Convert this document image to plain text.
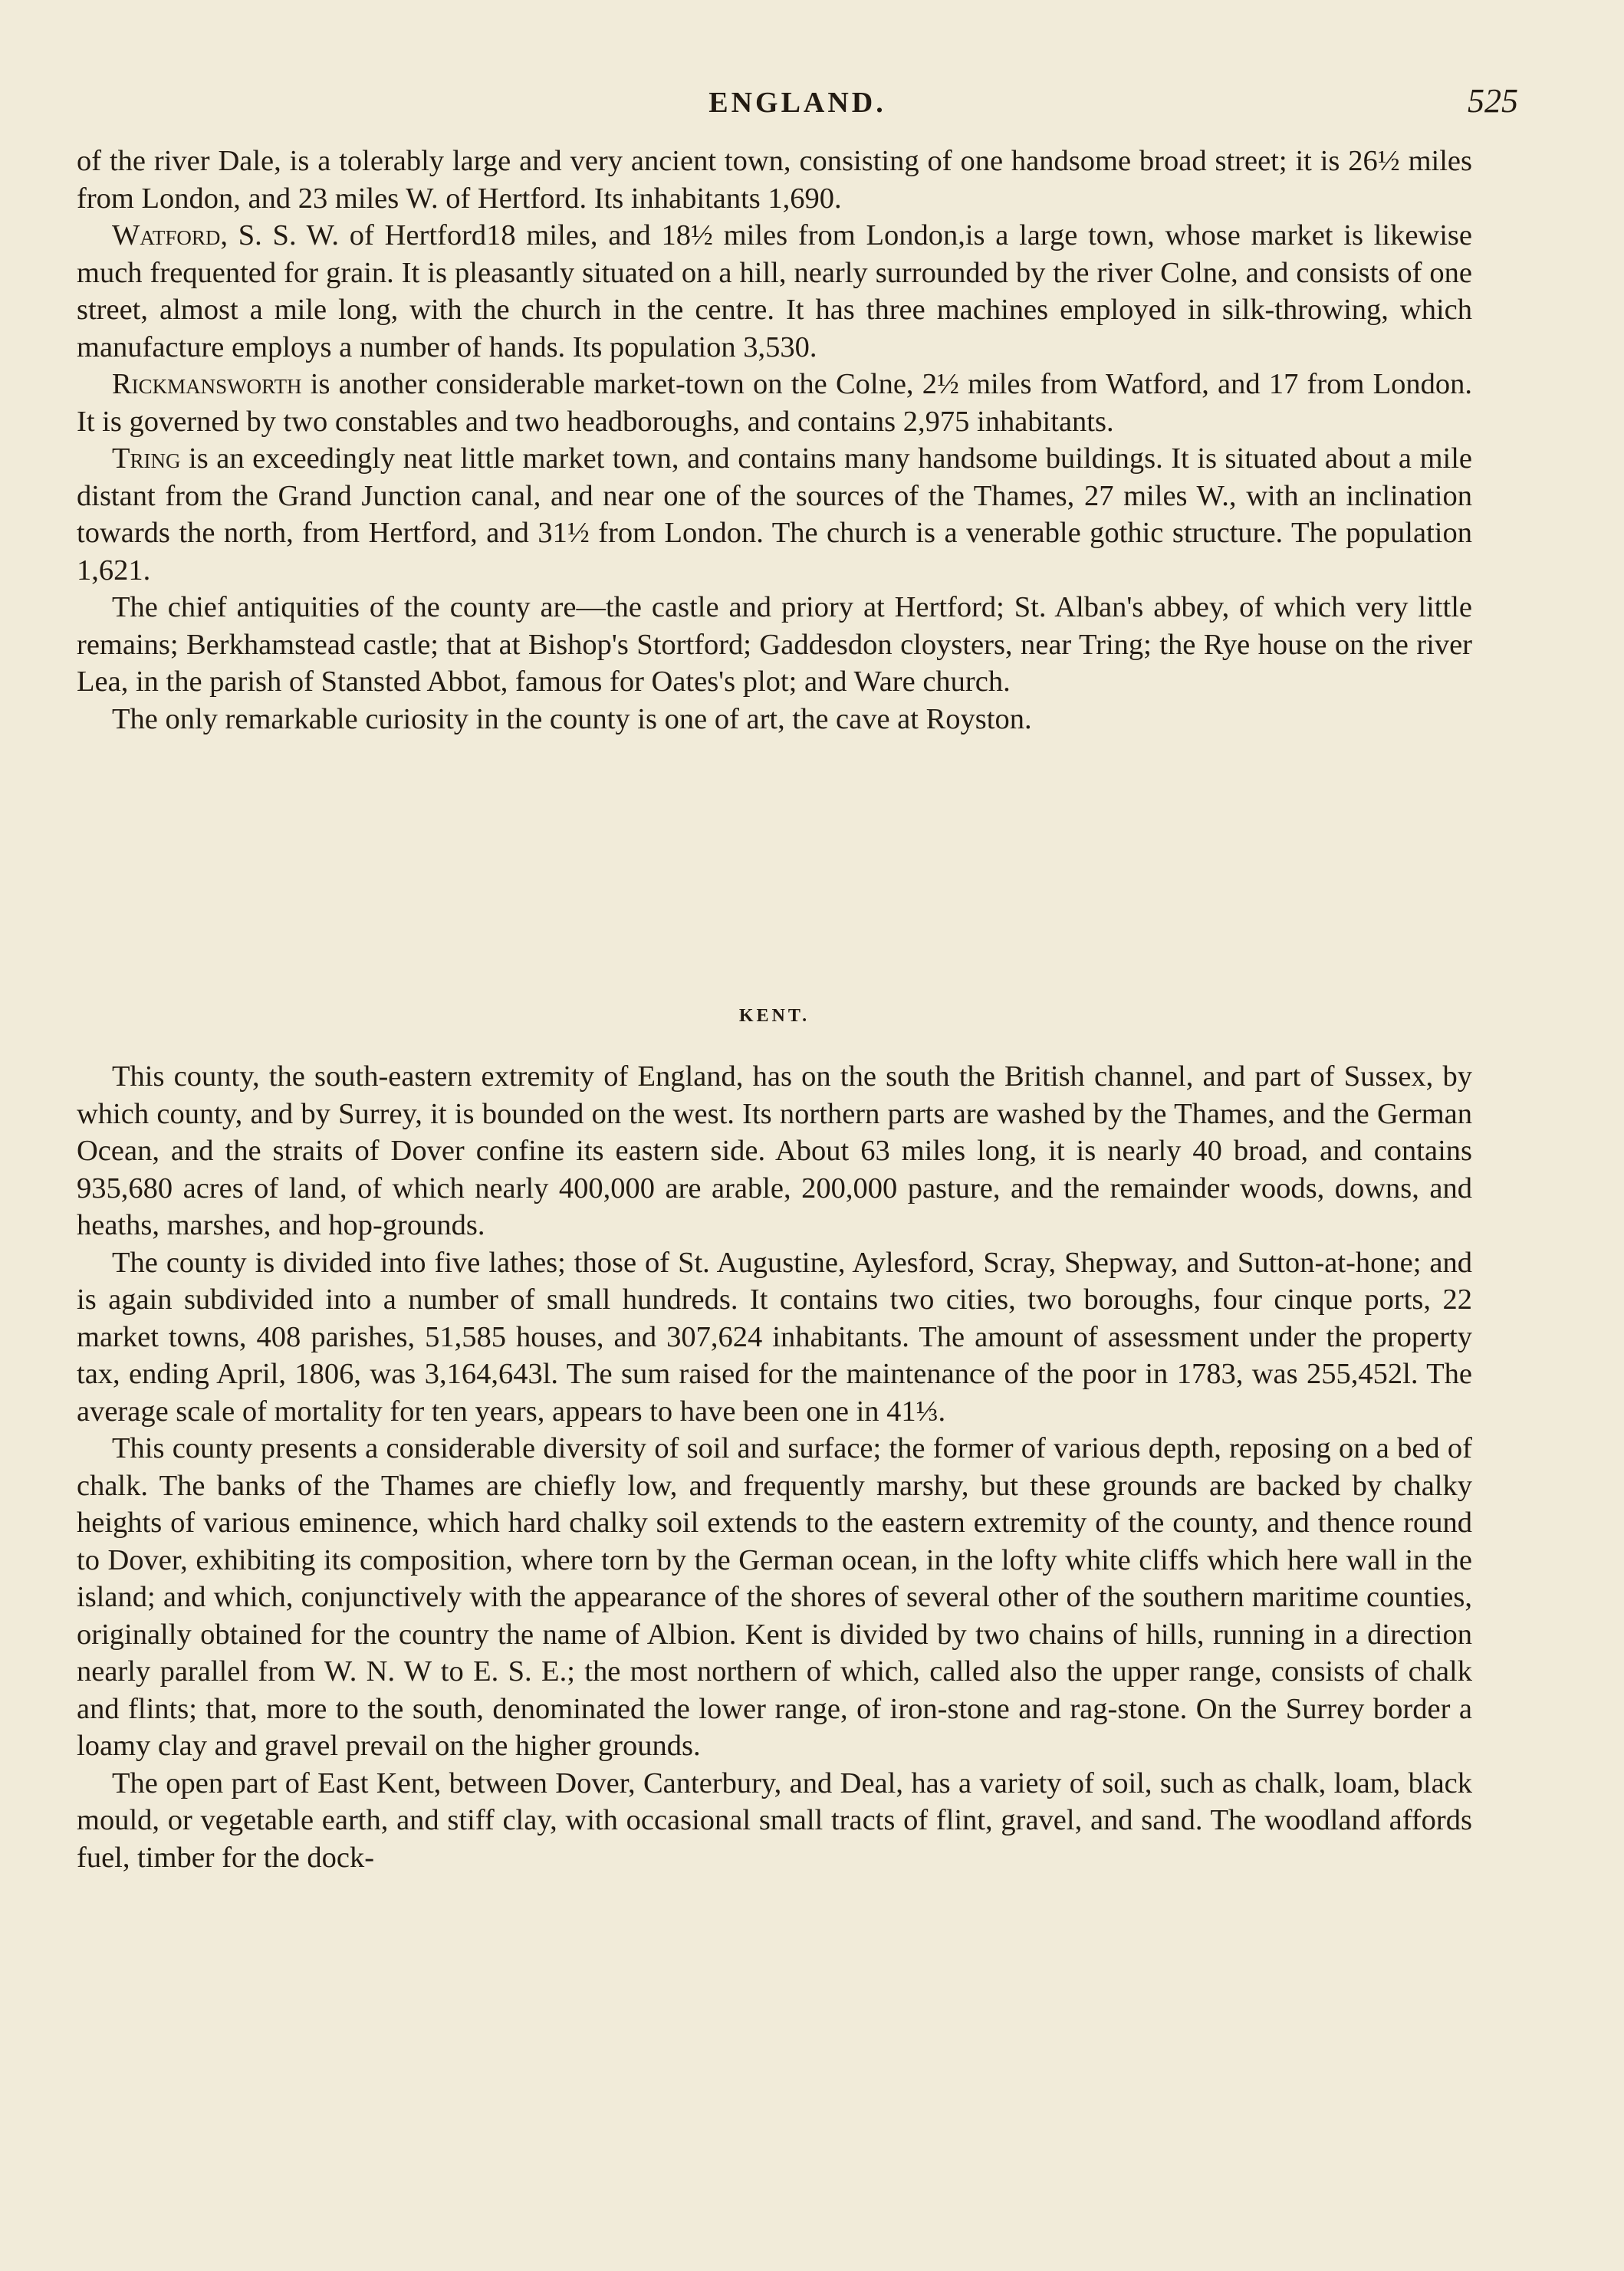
ENGLAND.	525

of the river Dale, is a tolerably large and very ancient town, consisting of one handsome broad street; it is 26½ miles from London, and 23 miles W. of Hertford. Its inhabitants 1,690.

Watford, S. S. W. of Hertford18 miles, and 18½ miles from London,is a large town, whose market is likewise much frequented for grain. It is pleasantly situated on a hill, nearly surrounded by the river Colne, and consists of one street, almost a mile long, with the church in the centre. It has three machines employed in silk-throwing, which manufacture employs a number of hands. Its population 3,530.

Rickmansworth is another considerable market-town on the Colne, 2½ miles from Watford, and 17 from London. It is governed by two constables and two headboroughs, and contains 2,975 inhabitants.

Tring is an exceedingly neat little market town, and contains many handsome buildings. It is situated about a mile distant from the Grand Junction canal, and near one of the sources of the Thames, 27 miles W., with an inclination towards the north, from Hertford, and 31½ from London. The church is a venerable gothic structure. The population 1,621.

The chief antiquities of the county are—the castle and priory at Hertford; St. Alban's abbey, of which very little remains; Berkhamstead castle; that at Bishop's Stortford; Gaddesdon cloysters, near Tring; the Rye house on the river Lea, in the parish of Stansted Abbot, famous for Oates's plot; and Ware church.

The only remarkable curiosity in the county is one of art, the cave at Royston.

KENT.

This county, the south-eastern extremity of England, has on the south the British channel, and part of Sussex, by which county, and by Surrey, it is bounded on the west. Its northern parts are washed by the Thames, and the German Ocean, and the straits of Dover confine its eastern side. About 63 miles long, it is nearly 40 broad, and contains 935,680 acres of land, of which nearly 400,000 are arable, 200,000 pasture, and the remainder woods, downs, and heaths, marshes, and hop-grounds.

The county is divided into five lathes; those of St. Augustine, Aylesford, Scray, Shepway, and Sutton-at-hone; and is again subdivided into a number of small hundreds. It contains two cities, two boroughs, four cinque ports, 22 market towns, 408 parishes, 51,585 houses, and 307,624 inhabitants. The amount of assessment under the property tax, ending April, 1806, was 3,164,643l. The sum raised for the maintenance of the poor in 1783, was 255,452l. The average scale of mortality for ten years, appears to have been one in 41⅓.

This county presents a considerable diversity of soil and surface; the former of various depth, reposing on a bed of chalk. The banks of the Thames are chiefly low, and frequently marshy, but these grounds are backed by chalky heights of various eminence, which hard chalky soil extends to the eastern extremity of the county, and thence round to Dover, exhibiting its composition, where torn by the German ocean, in the lofty white cliffs which here wall in the island; and which, conjunctively with the appearance of the shores of several other of the southern maritime counties, originally obtained for the country the name of Albion. Kent is divided by two chains of hills, running in a direction nearly parallel from W. N. W to E. S. E.; the most northern of which, called also the upper range, consists of chalk and flints; that, more to the south, denominated the lower range, of iron-stone and rag-stone. On the Surrey border a loamy clay and gravel prevail on the higher grounds.

The open part of East Kent, between Dover, Canterbury, and Deal, has a variety of soil, such as chalk, loam, black mould, or vegetable earth, and stiff clay, with occasional small tracts of flint, gravel, and sand. The woodland affords fuel, timber for the dock-
